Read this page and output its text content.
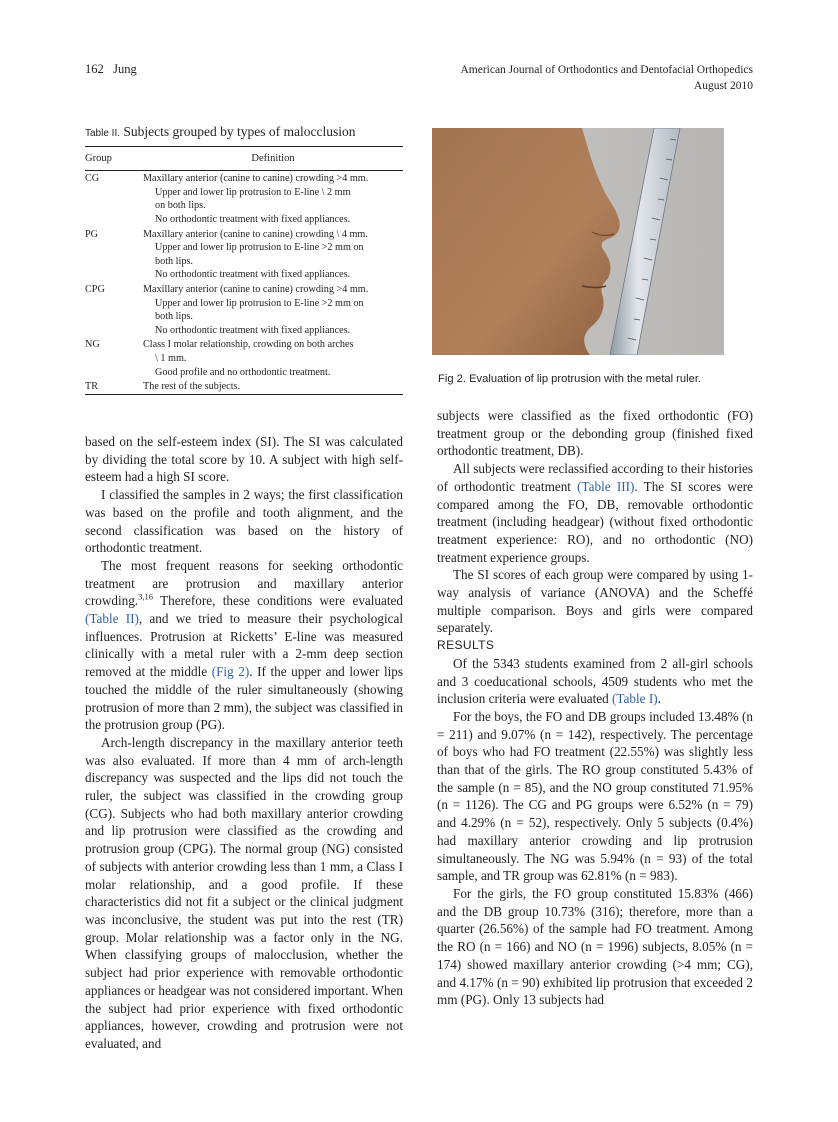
162 Jung	American Journal of Orthodontics and Dentofacial Orthopedics
August 2010
Table II. Subjects grouped by types of malocclusion
Group	Definition
CG	Maxillary anterior (canine to canine) crowding >4 mm.
Upper and lower lip protrusion to E-line \ 2 mm
on both lips.
No orthodontic treatment with fixed appliances.

PG	Maxillary anterior (canine to canine) crowding \ 4 mm.
Upper and lower lip protrusion to E-line >2 mm on
both lips.
No orthodontic treatment with fixed appliances.

CPG	Maxillary anterior (canine to canine) crowding >4 mm.
Upper and lower lip protrusion to E-line >2 mm on
both lips.
No orthodontic treatment with fixed appliances.

NG	Class I molar relationship, crowding on both arches
\ 1 mm.
Good profile and no orthodontic treatment.

TR	The rest of the subjects.
Fig 2. Evaluation of lip protrusion with the metal ruler.

based on the self-esteem index (SI). The SI was calculated by dividing the total score by 10. A subject with high self-esteem had a high SI score.

I classified the samples in 2 ways; the first classification was based on the profile and tooth alignment, and the second classification was based on the history of orthodontic treatment.

The most frequent reasons for seeking orthodontic treatment are protrusion and maxillary anterior crowding.$^{3,16}$ Therefore, these conditions were evaluated (Table II), and we tried to measure their psychological influences. Protrusion at Ricketts’ E-line was measured clinically with a metal ruler with a 2-mm deep section removed at the middle (Fig 2). If the upper and lower lips touched the middle of the ruler simultaneously (showing protrusion of more than 2 mm), the subject was classified in the protrusion group (PG).

Arch-length discrepancy in the maxillary anterior teeth was also evaluated. If more than 4 mm of arch-length discrepancy was suspected and the lips did not touch the ruler, the subject was classified in the crowding group (CG). Subjects who had both maxillary anterior crowding and lip protrusion were classified as the crowding and protrusion group (CPG). The normal group (NG) consisted of subjects with anterior crowding less than 1 mm, a Class I molar relationship, and a good profile. If these characteristics did not fit a subject or the clinical judgment was inconclusive, the student was put into the rest (TR) group. Molar relationship was a factor only in the NG. When classifying groups of malocclusion, whether the subject had prior experience with removable orthodontic appliances or headgear was not considered important. When the subject had prior experience with fixed orthodontic appliances, however, crowding and protrusion were not evaluated, and

subjects were classified as the fixed orthodontic (FO) treatment group or the debonding group (finished fixed orthodontic treatment, DB).

All subjects were reclassified according to their histories of orthodontic treatment (Table III). The SI scores were compared among the FO, DB, removable orthodontic treatment (including headgear) (without fixed orthodontic treatment experience: RO), and no orthodontic (NO) treatment experience groups.

The SI scores of each group were compared by using 1-way analysis of variance (ANOVA) and the Scheffé multiple comparison. Boys and girls were compared separately.

RESULTS

Of the 5343 students examined from 2 all-girl schools and 3 coeducational schools, 4509 students who met the inclusion criteria were evaluated (Table I).

For the boys, the FO and DB groups included 13.48% (n = 211) and 9.07% (n = 142), respectively. The percentage of boys who had FO treatment (22.55%) was slightly less than that of the girls. The RO group constituted 5.43% of the sample (n = 85), and the NO group constituted 71.95% (n = 1126). The CG and PG groups were 6.52% (n = 79) and 4.29% (n = 52), respectively. Only 5 subjects (0.4%) had maxillary anterior crowding and lip protrusion simultaneously. The NG was 5.94% (n = 93) of the total sample, and TR group was 62.81% (n = 983).

For the girls, the FO group constituted 15.83% (466) and the DB group 10.73% (316); therefore, more than a quarter (26.56%) of the sample had FO treatment. Among the RO (n = 166) and NO (n = 1996) subjects, 8.05% (n = 174) showed maxillary anterior crowding (>4 mm; CG), and 4.17% (n = 90) exhibited lip protrusion that exceeded 2 mm (PG). Only 13 subjects had
